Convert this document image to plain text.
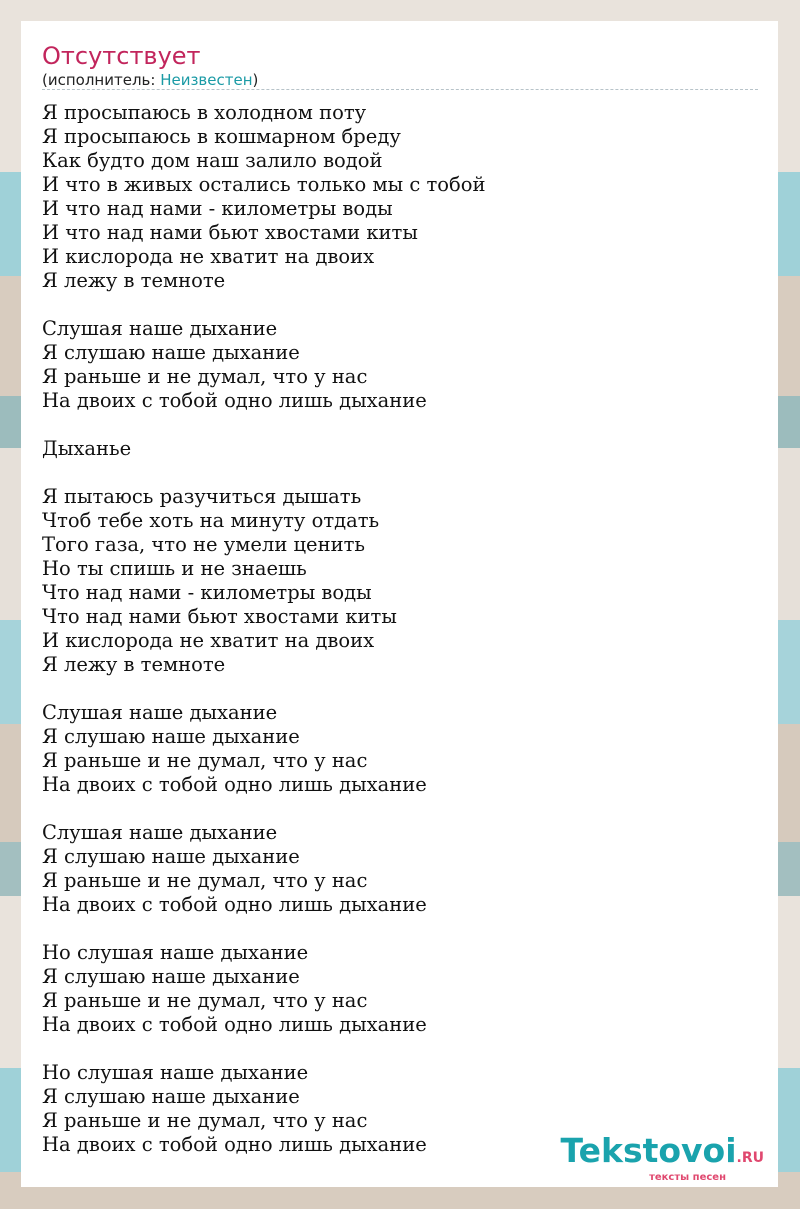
Отсутствует
(исполнитель: Неизвестен)
Я просыпаюсь в холодном поту
Я просыпаюсь в кошмарном бреду
Как будто дом наш залило водой
И что в живых остались только мы с тобой
И что над нами - километры воды
И что над нами бьют хвостами киты
И кислорода не хватит на двоих
Я лежу в темноте

Слушая наше дыхание
Я слушаю наше дыхание
Я раньше и не думал, что у нас
На двоих с тобой одно лишь дыхание

Дыханье

Я пытаюсь разучиться дышать
Чтоб тебе хоть на минуту отдать
Того газа, что не умели ценить
Но ты спишь и не знаешь
Что над нами - километры воды
Что над нами бьют хвостами киты
И кислорода не хватит на двоих
Я лежу в темноте

Слушая наше дыхание
Я слушаю наше дыхание
Я раньше и не думал, что у нас
На двоих с тобой одно лишь дыхание

Слушая наше дыхание
Я слушаю наше дыхание
Я раньше и не думал, что у нас
На двоих с тобой одно лишь дыхание

Но слушая наше дыхание
Я слушаю наше дыхание
Я раньше и не думал, что у нас
На двоих с тобой одно лишь дыхание

Но слушая наше дыхание
Я слушаю наше дыхание
Я раньше и не думал, что у нас
На двоих с тобой одно лишь дыхание	Tekstovoi.RU
тексты песен
